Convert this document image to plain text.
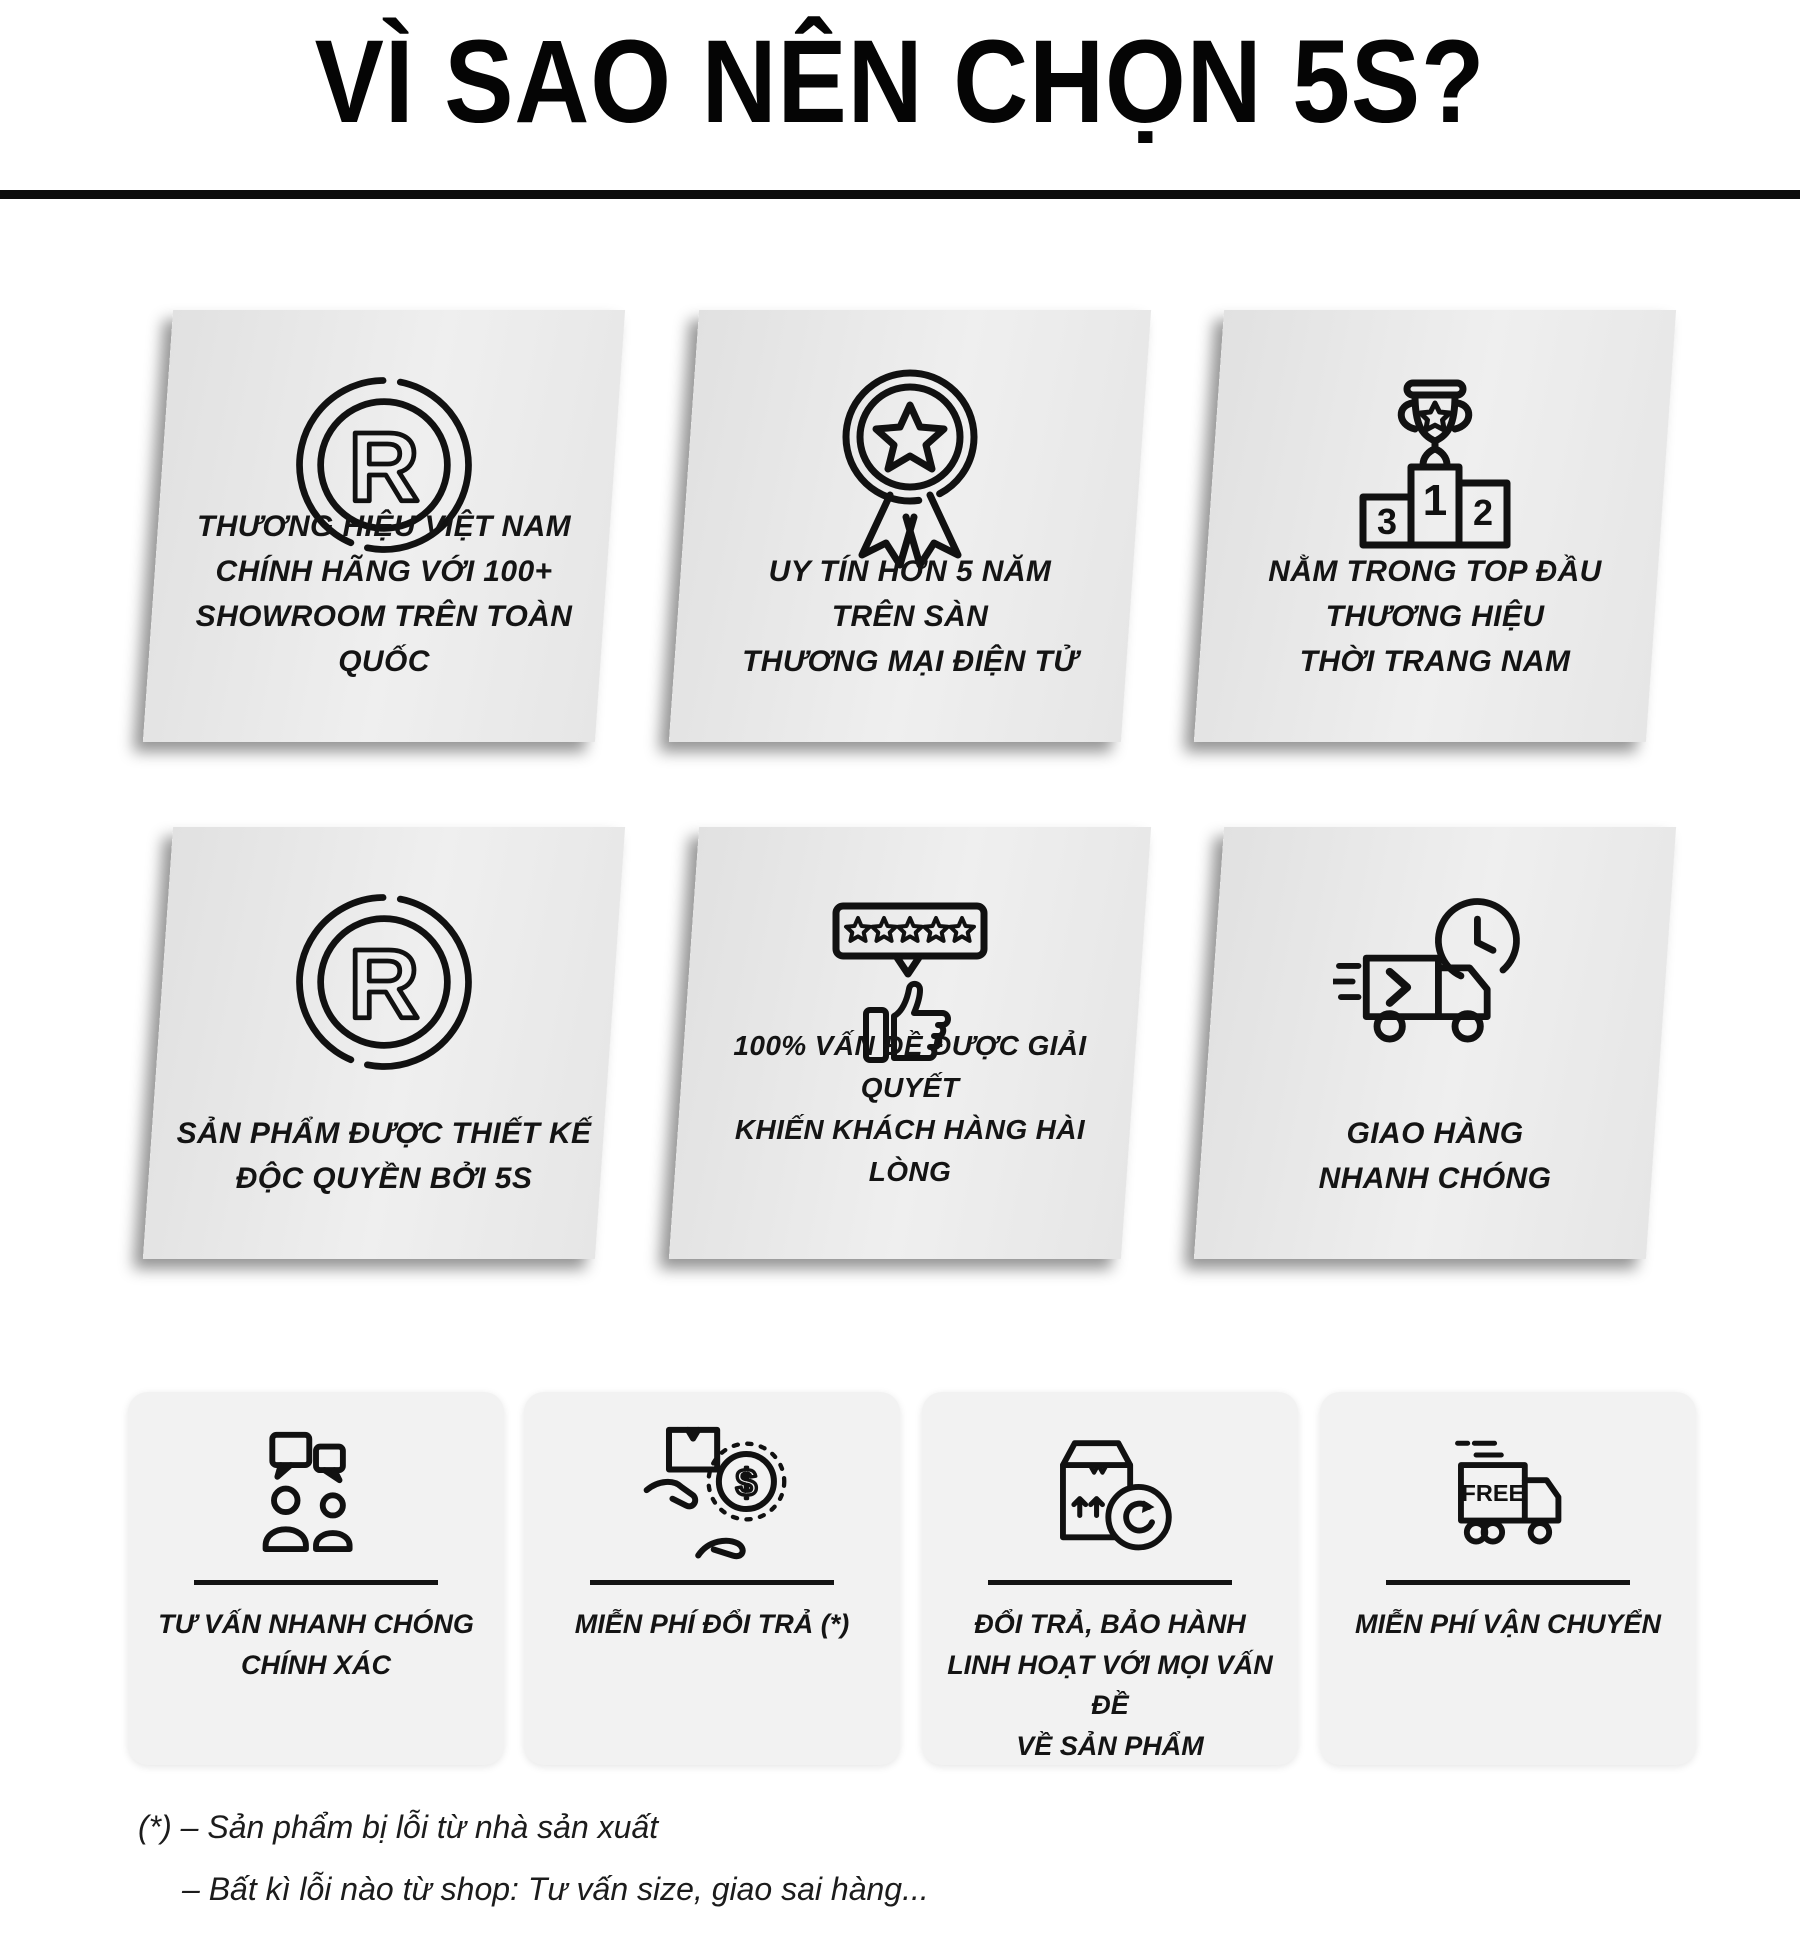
VÌ SAO NÊN CHỌN 5S?
R
THƯƠNG HIỆU VIỆT NAM
CHÍNH HÃNG VỚI 100+
SHOWROOM TRÊN TOÀN QUỐC
UY TÍN HƠN 5 NĂM
TRÊN SÀN
THƯƠNG MẠI ĐIỆN TỬ
3 1 2
NẰM TRONG TOP ĐẦU
THƯƠNG HIỆU
THỜI TRANG NAM
R
SẢN PHẨM ĐƯỢC THIẾT KẾ
ĐỘC QUYỀN BỞI 5S
100% VẤN ĐỀ ĐƯỢC GIẢI QUYẾT
KHIẾN KHÁCH HÀNG HÀI LÒNG
GIAO HÀNG
NHANH CHÓNG
TƯ VẤN NHANH CHÓNG
CHÍNH XÁC
$
MIỄN PHÍ ĐỔI TRẢ (*)	ĐỔI TRẢ, BẢO HÀNH
LINH HOẠT VỚI MỌI VẤN ĐỀ
VỀ SẢN PHẨM
FREE
MIỄN PHÍ VẬN CHUYỂN
(*) – Sản phẩm bị lỗi từ nhà sản xuất
– Bất kì lỗi nào từ shop: Tư vấn size, giao sai hàng...
